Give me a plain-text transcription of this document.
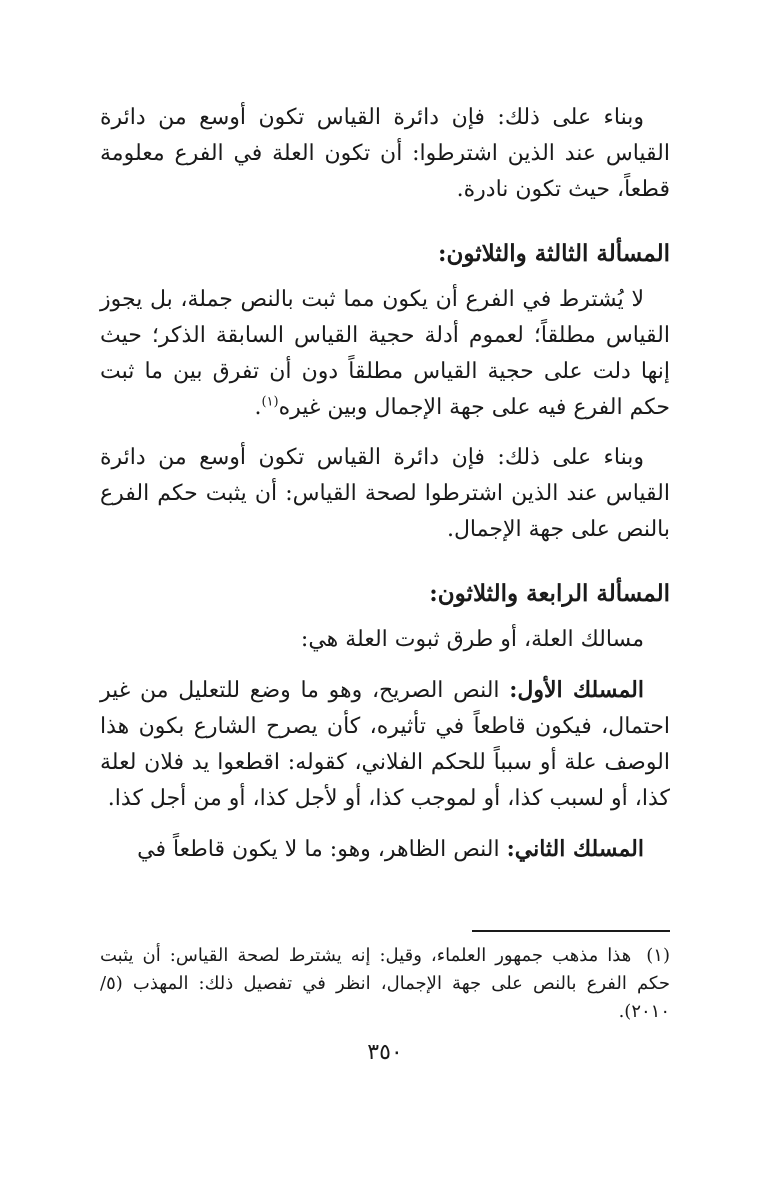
وبناء على ذلك: فإن دائرة القياس تكون أوسع من دائرة القياس عند الذين اشترطوا: أن تكون العلة في الفرع معلومة قطعاً، حيث تكون نادرة.

المسألة الثالثة والثلاثون:

لا يُشترط في الفرع أن يكون مما ثبت بالنص جملة، بل يجوز القياس مطلقاً؛ لعموم أدلة حجية القياس السابقة الذكر؛ حيث إنها دلت على حجية القياس مطلقاً دون أن تفرق بين ما ثبت حكم الفرع فيه على جهة الإجمال وبين غيره$^{(١)}$.

وبناء على ذلك: فإن دائرة القياس تكون أوسع من دائرة القياس عند الذين اشترطوا لصحة القياس: أن يثبت حكم الفرع بالنص على جهة الإجمال.

المسألة الرابعة والثلاثون:

مسالك العلة، أو طرق ثبوت العلة هي:

المسلك الأول: النص الصريح، وهو ما وضع للتعليل من غير احتمال، فيكون قاطعاً في تأثيره، كأن يصرح الشارع بكون هذا الوصف علة أو سبباً للحكم الفلاني، كقوله: اقطعوا يد فلان لعلة كذا، أو لسبب كذا، أو لموجب كذا، أو لأجل كذا، أو من أجل كذا.

المسلك الثاني: النص الظاهر، وهو: ما لا يكون قاطعاً في

(١) هذا مذهب جمهور العلماء، وقيل: إنه يشترط لصحة القياس: أن يثبت حكم الفرع بالنص على جهة الإجمال، انظر في تفصيل ذلك: المهذب (٥/ ٢٠١٠).
٣٥٠
